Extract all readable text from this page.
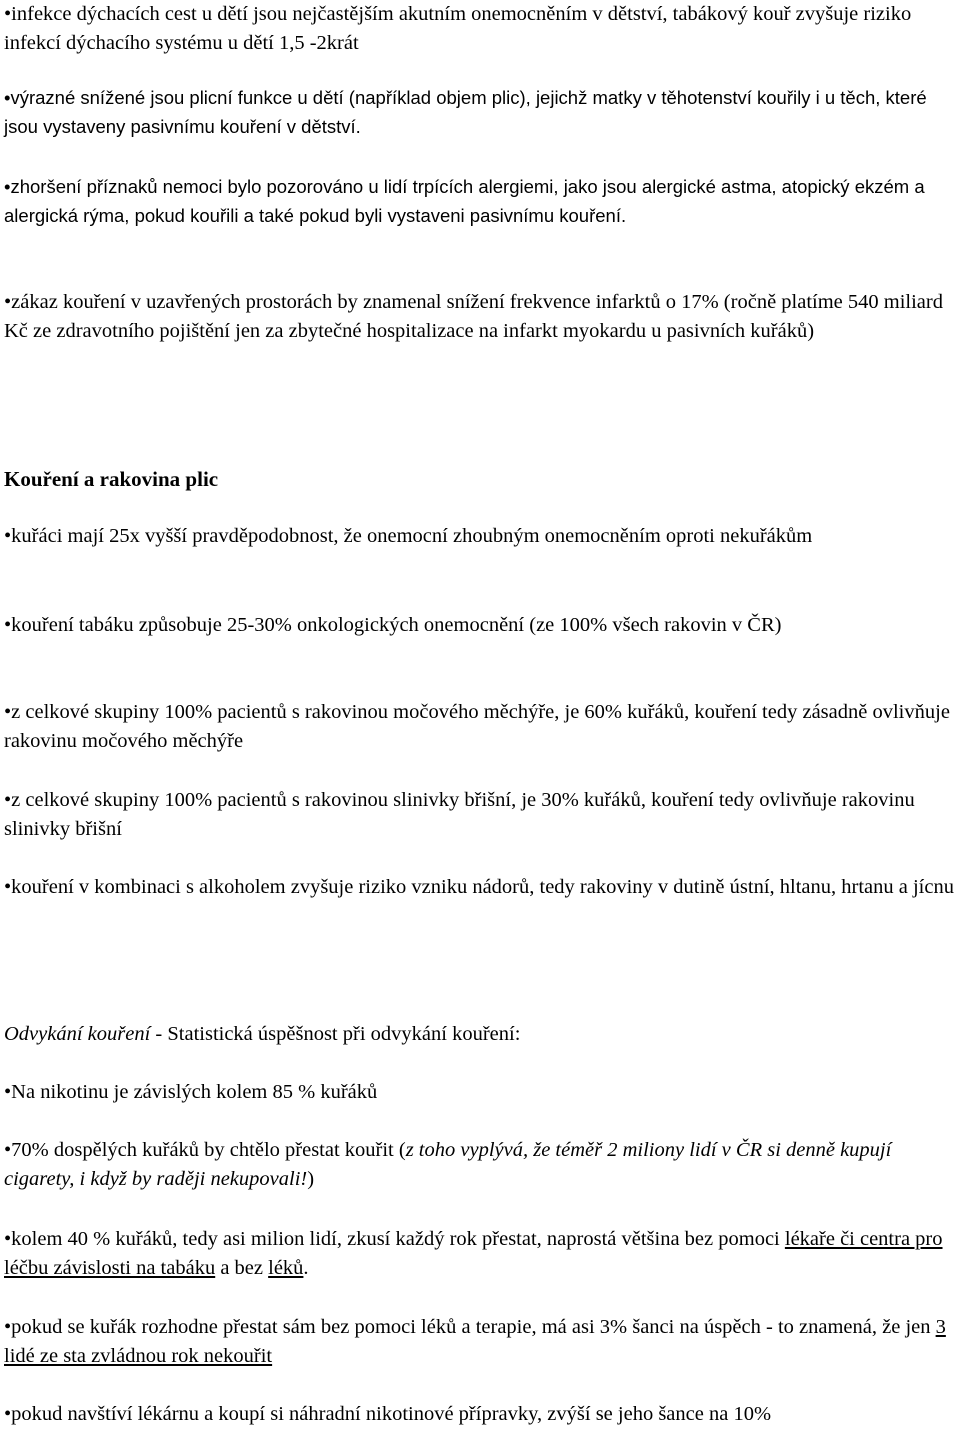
•infekce dýchacích cest u dětí jsou nejčastějším akutním onemocněním v dětství, tabákový kouř zvyšuje riziko infekcí dýchacího systému u dětí 1,5 -2krát

•výrazné snížené jsou plicní funkce u dětí (například objem plic), jejichž matky v těhotenství kouřily i u těch, které jsou vystaveny pasivnímu kouření v dětství.

•zhoršení příznaků nemoci bylo pozorováno u lidí trpících alergiemi, jako jsou alergické astma, atopický ekzém a alergická rýma, pokud kouřili a také pokud byli vystaveni pasivnímu kouření.

•zákaz kouření v uzavřených prostorách by znamenal snížení frekvence infarktů o 17% (ročně platíme 540 miliard Kč ze zdravotního pojištění jen za zbytečné hospitalizace na infarkt myokardu u pasivních kuřáků)

Kouření a rakovina plic

•kuřáci mají 25x vyšší pravděpodobnost, že onemocní zhoubným onemocněním oproti nekuřákům

•kouření tabáku způsobuje 25-30% onkologických onemocnění (ze 100% všech rakovin v ČR)

•z celkové skupiny 100% pacientů s rakovinou močového měchýře, je 60% kuřáků, kouření tedy zásadně ovlivňuje rakovinu močového měchýře

•z celkové skupiny 100% pacientů s rakovinou slinivky břišní, je 30% kuřáků, kouření tedy ovlivňuje rakovinu slinivky břišní

•kouření v kombinaci s alkoholem zvyšuje riziko vzniku nádorů, tedy rakoviny v dutině ústní, hltanu, hrtanu a jícnu

Odvykání kouření - Statistická úspěšnost při odvykání kouření:

•Na nikotinu je závislých kolem 85 % kuřáků

•70% dospělých kuřáků by chtělo přestat kouřit (z toho vyplývá, že téměř 2 miliony lidí v ČR si denně kupují cigarety, i když by raději nekupovali!)

•kolem 40 % kuřáků, tedy asi milion lidí, zkusí každý rok přestat, naprostá většina bez pomoci lékaře či centra pro léčbu závislosti na tabáku a bez léků.

•pokud se kuřák rozhodne přestat sám bez pomoci léků a terapie, má asi 3% šanci na úspěch - to znamená, že jen 3 lidé ze sta zvládnou rok nekouřit

•pokud navštíví lékárnu a koupí si náhradní nikotinové přípravky, zvýší se jeho šance na 10%
